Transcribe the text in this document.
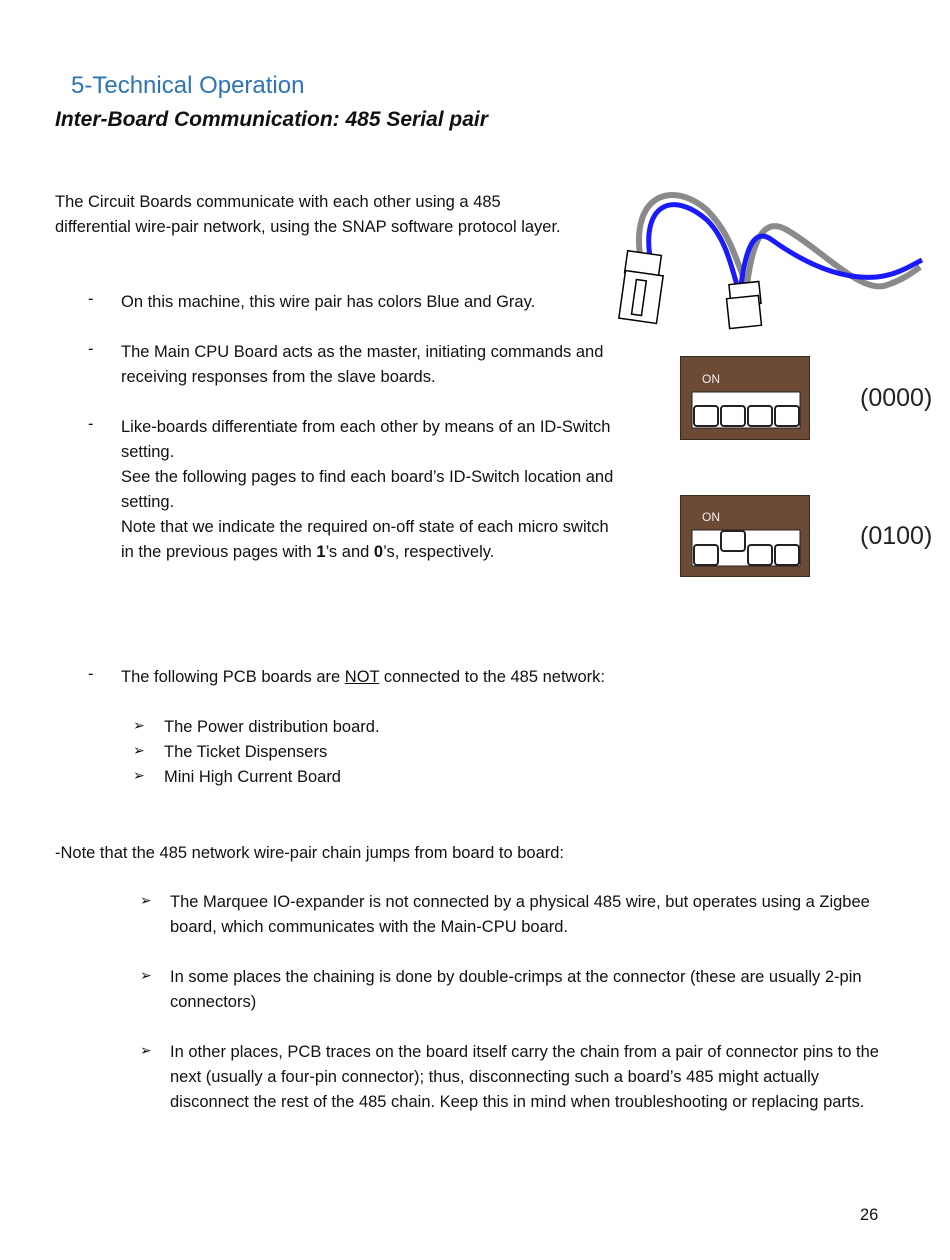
5-Technical Operation
Inter-Board Communication: 485 Serial pair
The Circuit Boards communicate with each other using a 485 differential wire-pair network, using the SNAP software protocol layer.
- On this machine, this wire pair has colors Blue and Gray.
- The Main CPU Board acts as the master, initiating commands and receiving responses from the slave boards.
- Like-boards differentiate from each other by means of an ID-Switch setting.
See the following pages to find each board’s ID-Switch location and setting.
Note that we indicate the required on-off state of each micro switch in the previous pages with 1’s and 0’s, respectively.
ON
(0000)
ON
(0100)
- The following PCB boards are NOT connected to the 485 network:
➢ The Power distribution board.
➢ The Ticket Dispensers
➢ Mini High Current Board
-Note that the 485 network wire-pair chain jumps from board to board:
➢ The Marquee IO-expander is not connected by a physical 485 wire, but operates using a Zigbee board, which communicates with the Main-CPU board.
➢ In some places the chaining is done by double-crimps at the connector (these are usually 2-pin connectors)
➢ In other places, PCB traces on the board itself carry the chain from a pair of connector pins to the next (usually a four-pin connector); thus, disconnecting such a board’s 485 might actually disconnect the rest of the 485 chain. Keep this in mind when troubleshooting or replacing parts.
26
